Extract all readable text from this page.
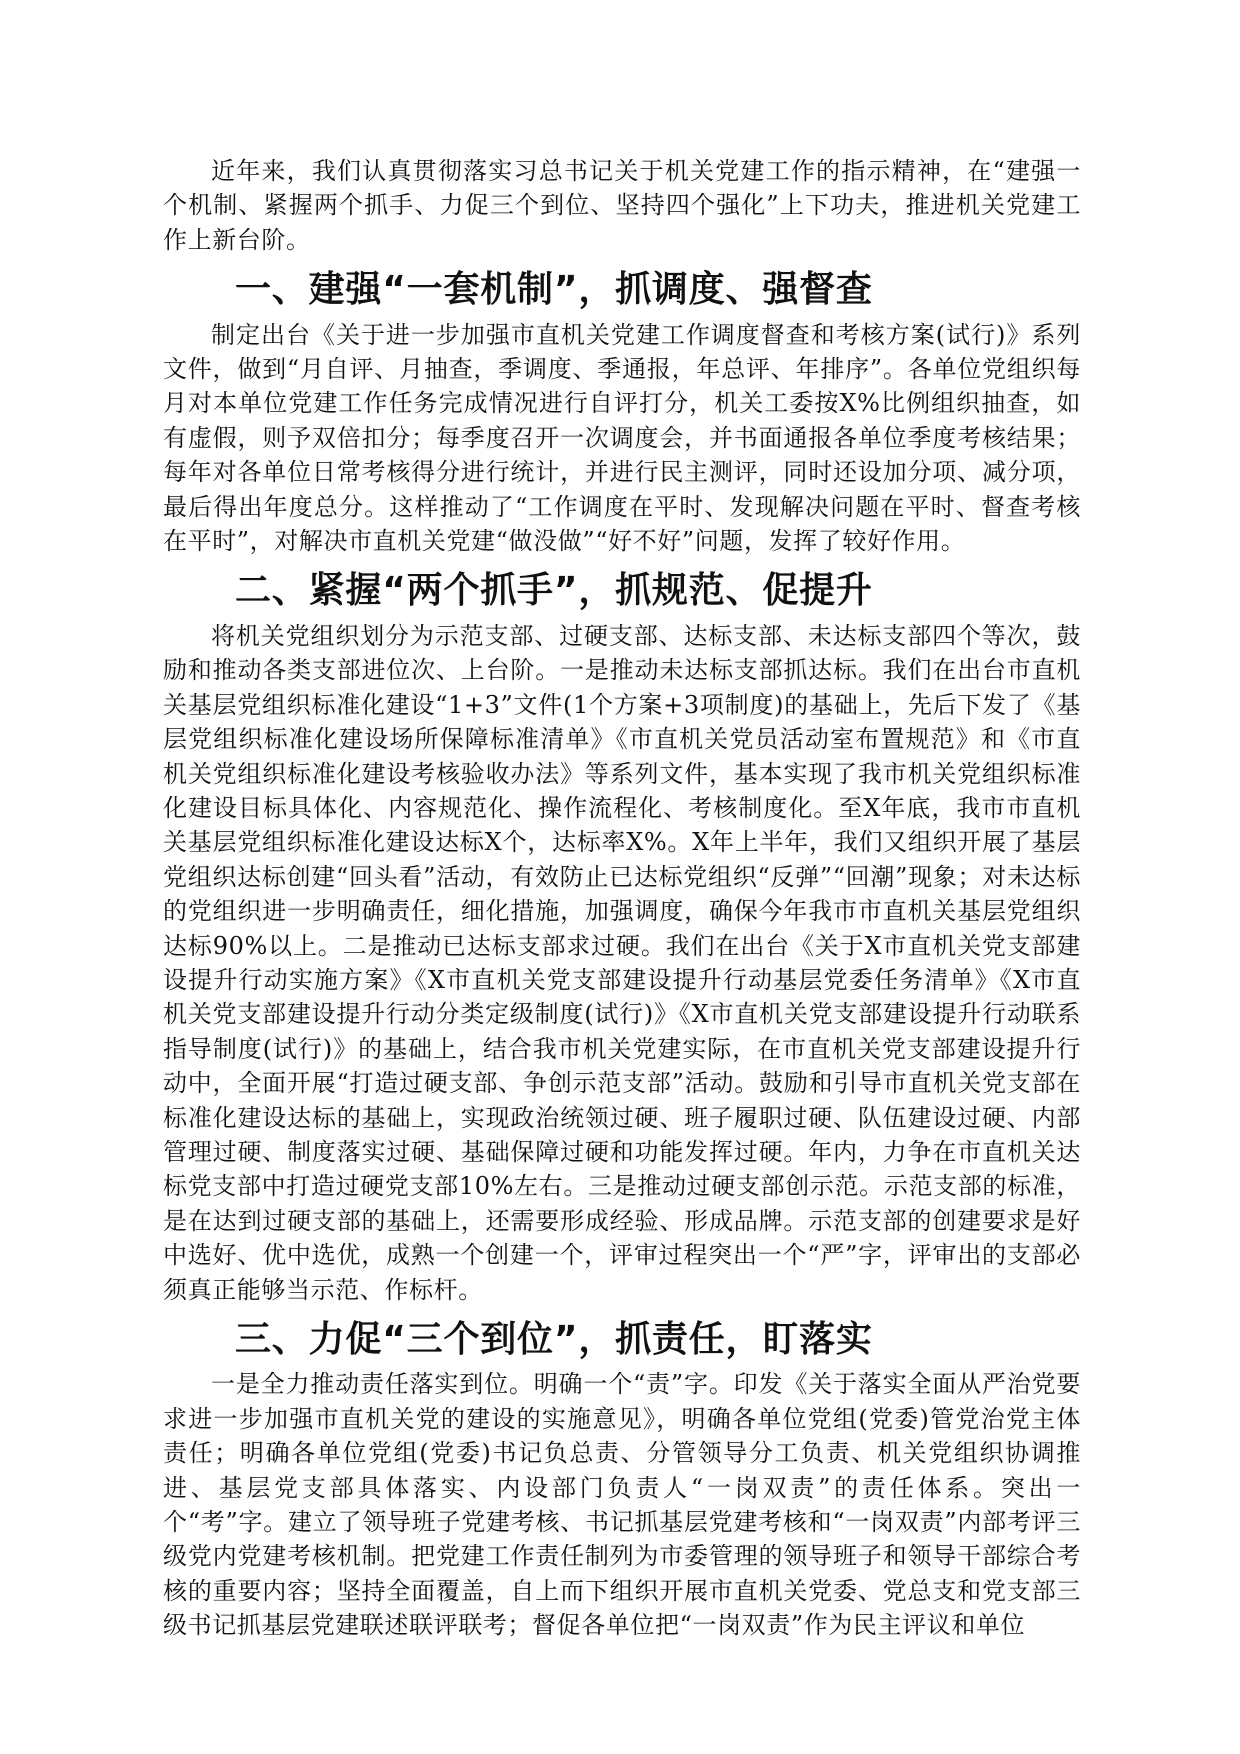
近年来，我们认真贯彻落实习总书记关于机关党建工作的指示精神，在“建强一个机制、紧握两个抓手、力促三个到位、坚持四个强化”上下功夫，推进机关党建工作上新台阶。

一、建强“一套机制”，抓调度、强督查

制定出台《关于进一步加强市直机关党建工作调度督查和考核方案(试行)》系列文件，做到“月自评、月抽查，季调度、季通报，年总评、年排序”。各单位党组织每月对本单位党建工作任务完成情况进行自评打分，机关工委按X%比例组织抽查，如有虚假，则予双倍扣分；每季度召开一次调度会，并书面通报各单位季度考核结果；每年对各单位日常考核得分进行统计，并进行民主测评，同时还设加分项、减分项，最后得出年度总分。这样推动了“工作调度在平时、发现解决问题在平时、督查考核在平时”，对解决市直机关党建“做没做”“好不好”问题，发挥了较好作用。

二、紧握“两个抓手”，抓规范、促提升

将机关党组织划分为示范支部、过硬支部、达标支部、未达标支部四个等次，鼓励和推动各类支部进位次、上台阶。一是推动未达标支部抓达标。我们在出台市直机关基层党组织标准化建设“1+3”文件(1个方案+3项制度)的基础上，先后下发了《基层党组织标准化建设场所保障标准清单》《市直机关党员活动室布置规范》和《市直机关党组织标准化建设考核验收办法》等系列文件，基本实现了我市机关党组织标准化建设目标具体化、内容规范化、操作流程化、考核制度化。至X年底，我市市直机关基层党组织标准化建设达标X个，达标率X%。X年上半年，我们又组织开展了基层党组织达标创建“回头看”活动，有效防止已达标党组织“反弹”“回潮”现象；对未达标的党组织进一步明确责任，细化措施，加强调度，确保今年我市市直机关基层党组织达标90%以上。二是推动已达标支部求过硬。我们在出台《关于X市直机关党支部建设提升行动实施方案》《X市直机关党支部建设提升行动基层党委任务清单》《X市直机关党支部建设提升行动分类定级制度(试行)》《X市直机关党支部建设提升行动联系指导制度(试行)》的基础上，结合我市机关党建实际，在市直机关党支部建设提升行动中，全面开展“打造过硬支部、争创示范支部”活动。鼓励和引导市直机关党支部在标准化建设达标的基础上，实现政治统领过硬、班子履职过硬、队伍建设过硬、内部管理过硬、制度落实过硬、基础保障过硬和功能发挥过硬。年内，力争在市直机关达标党支部中打造过硬党支部10%左右。三是推动过硬支部创示范。示范支部的标准，是在达到过硬支部的基础上，还需要形成经验、形成品牌。示范支部的创建要求是好中选好、优中选优，成熟一个创建一个，评审过程突出一个“严”字，评审出的支部必须真正能够当示范、作标杆。

三、力促“三个到位”，抓责任，盯落实

一是全力推动责任落实到位。明确一个“责”字。印发《关于落实全面从严治党要求进一步加强市直机关党的建设的实施意见》，明确各单位党组(党委)管党治党主体责任；明确各单位党组(党委)书记负总责、分管领导分工负责、机关党组织协调推进、基层党支部具体落实、内设部门负责人“一岗双责”的责任体系。突出一个“考”字。建立了领导班子党建考核、书记抓基层党建考核和“一岗双责”内部考评三级党内党建考核机制。把党建工作责任制列为市委管理的领导班子和领导干部综合考核的重要内容；坚持全面覆盖，自上而下组织开展市直机关党委、党总支和党支部三级书记抓基层党建联述联评联考；督促各单位把“一岗双责”作为民主评议和单位
